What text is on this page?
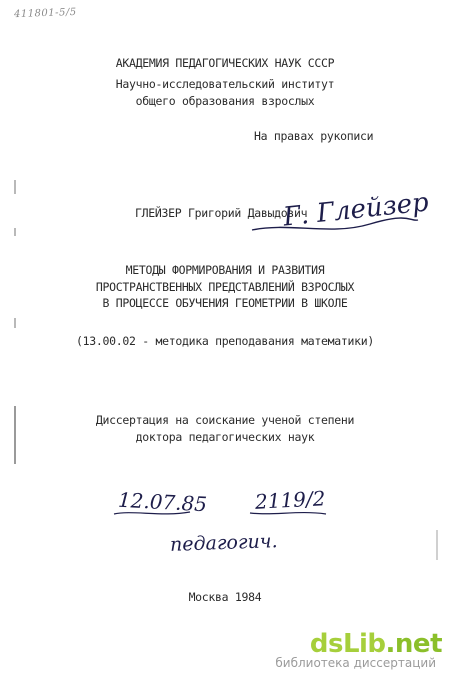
411801-5/5
АКАДЕМИЯ ПЕДАГОГИЧЕСКИХ НАУК СССР
Научно-исследовательский институт
общего образования взрослых
На правах рукописи
ГЛЕЙЗЕР Григорий Давыдович
Г. Глейзер
МЕТОДЫ ФОРМИРОВАНИЯ И РАЗВИТИЯ
ПРОСТРАНСТВЕННЫХ ПРЕДСТАВЛЕНИЙ ВЗРОСЛЫХ
В ПРОЦЕССЕ ОБУЧЕНИЯ ГЕОМЕТРИИ В ШКОЛЕ
(13.00.02 - методика преподавания математики)
Диссертация на соискание ученой степени
доктора педагогических наук
12.07.85 2119/2
педагогич.
Москва 1984
dsLib.net
библиотека диссертаций
